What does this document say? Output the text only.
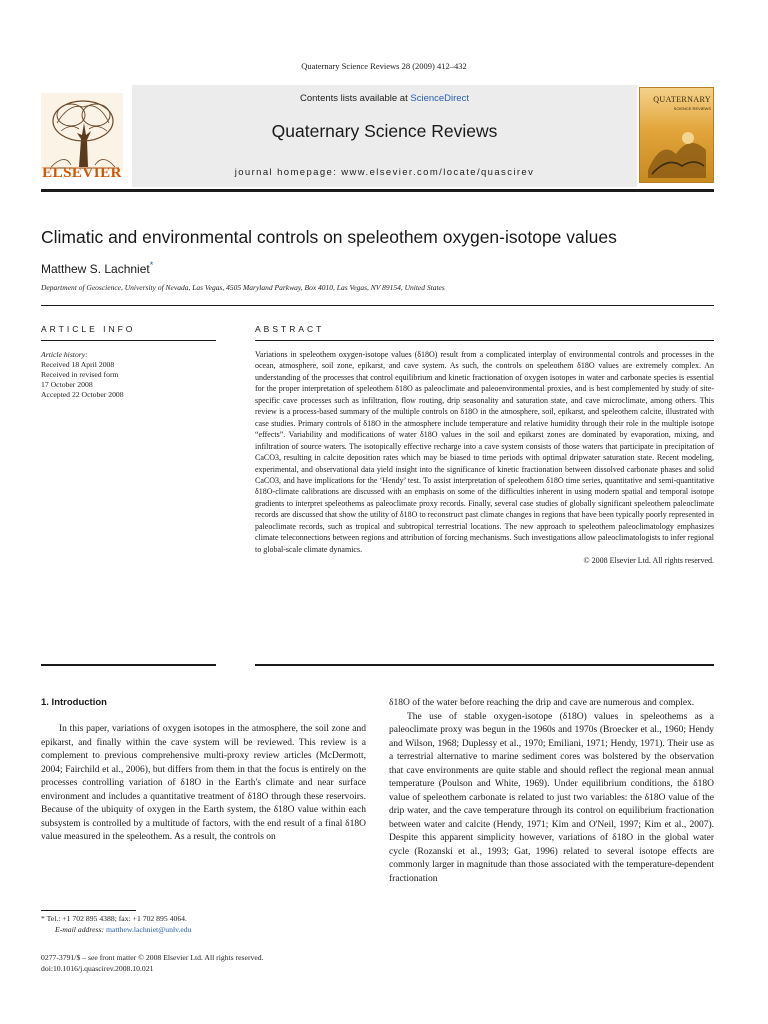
Quaternary Science Reviews 28 (2009) 412–432
ELSEVIER
Contents lists available at ScienceDirect
Quaternary Science Reviews
journal homepage: www.elsevier.com/locate/quascirev
QUATERNARY
SCIENCE REVIEWS
Climatic and environmental controls on speleothem oxygen-isotope values
Matthew S. Lachniet*
Department of Geoscience, University of Nevada, Las Vegas, 4505 Maryland Parkway, Box 4010, Las Vegas, NV 89154, United States
ARTICLE INFO	ABSTRACT
Article history:
Received 18 April 2008
Received in revised form
17 October 2008
Accepted 22 October 2008

Variations in speleothem oxygen-isotope values (δ18O) result from a complicated interplay of environmental controls and processes in the ocean, atmosphere, soil zone, epikarst, and cave system. As such, the controls on speleothem δ18O values are extremely complex. An understanding of the processes that control equilibrium and kinetic fractionation of oxygen isotopes in water and carbonate species is essential for the proper interpretation of speleothem δ18O as paleoclimate and paleoenvironmental proxies, and is best complemented by study of site-specific cave processes such as infiltration, flow routing, drip seasonality and saturation state, and cave microclimate, among others. This review is a process-based summary of the multiple controls on δ18O in the atmosphere, soil, epikarst, and speleothem calcite, illustrated with case studies. Primary controls of δ18O in the atmosphere include temperature and relative humidity through their role in the multiple isotope “effects”. Variability and modifications of water δ18O values in the soil and epikarst zones are dominated by evaporation, mixing, and infiltration of source waters. The isotopically effective recharge into a cave system consists of those waters that participate in precipitation of CaCO3, resulting in calcite deposition rates which may be biased to time periods with optimal dripwater saturation state. Recent modeling, experimental, and observational data yield insight into the significance of kinetic fractionation between dissolved carbonate phases and solid CaCO3, and have implications for the ‘Hendy’ test. To assist interpretation of speleothem δ18O time series, quantitative and semi-quantitative δ18O-climate calibrations are discussed with an emphasis on some of the difficulties inherent in using modern spatial and temporal isotope gradients to interpret speleothems as paleoclimate proxy records. Finally, several case studies of globally significant speleothem paleoclimate records are discussed that show the utility of δ18O to reconstruct past climate changes in regions that have been typically poorly represented in paleoclimate records, such as tropical and subtropical terrestrial locations. The new approach to speleothem paleoclimatology emphasizes climate teleconnections between regions and attribution of forcing mechanisms. Such investigations allow paleoclimatologists to infer regional to global-scale climate dynamics.

© 2008 Elsevier Ltd. All rights reserved.

1. Introduction
In this paper, variations of oxygen isotopes in the atmosphere, the soil zone and epikarst, and finally within the cave system will be reviewed. This review is a complement to previous comprehensive multi-proxy review articles (McDermott, 2004; Fairchild et al., 2006), but differs from them in that the focus is entirely on the processes controlling variation of δ18O in the Earth's climate and near surface environment and includes a quantitative treatment of δ18O through these reservoirs. Because of the ubiquity of oxygen in the Earth system, the δ18O value within each subsystem is controlled by a multitude of factors, with the end result of a final δ18O value measured in the speleothem. As a result, the controls on
δ18O of the water before reaching the drip and cave are numerous and complex.
The use of stable oxygen-isotope (δ18O) values in speleothems as a paleoclimate proxy was begun in the 1960s and 1970s (Broecker et al., 1960; Hendy and Wilson, 1968; Duplessy et al., 1970; Emiliani, 1971; Hendy, 1971). Their use as a terrestrial alternative to marine sediment cores was bolstered by the observation that cave environments are quite stable and should reflect the regional mean annual temperature (Poulson and White, 1969). Under equilibrium conditions, the δ18O value of speleothem carbonate is related to just two variables: the δ18O value of the drip water, and the cave temperature through its control on equilibrium fractionation between water and calcite (Hendy, 1971; Kim and O'Neil, 1997; Kim et al., 2007). Despite this apparent simplicity however, variations of δ18O in the global water cycle (Rozanski et al., 1993; Gat, 1996) related to several isotope effects are commonly larger in magnitude than those associated with the temperature-dependent fractionation
* Tel.: +1 702 895 4388; fax: +1 702 895 4064.
E-mail address: matthew.lachniet@unlv.edu
0277-3791/$ – see front matter © 2008 Elsevier Ltd. All rights reserved.
doi:10.1016/j.quascirev.2008.10.021
